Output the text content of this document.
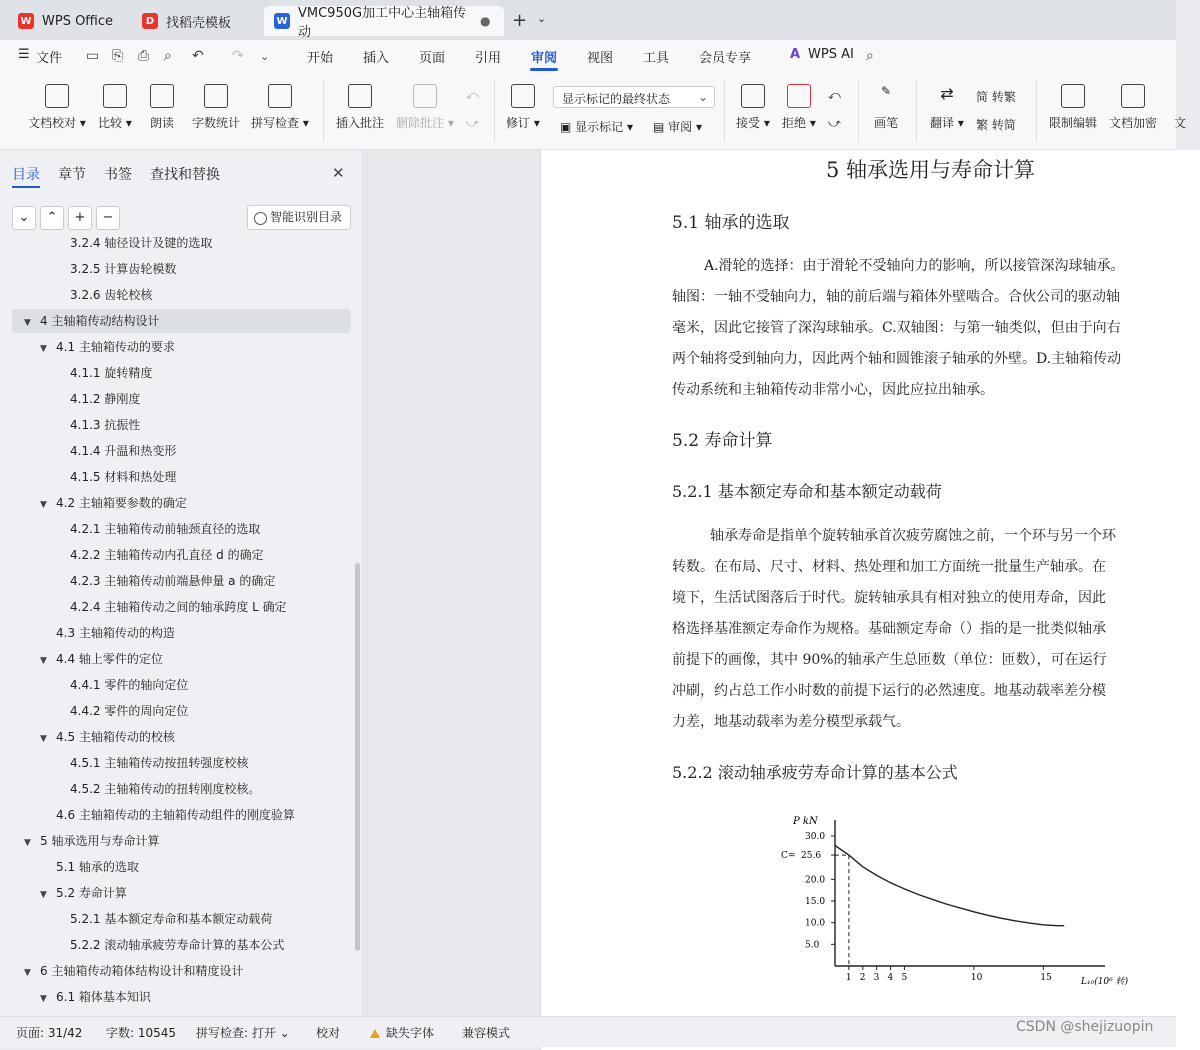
W WPS Office	D 找稻壳模板	W VMC950G加工中心主轴箱传动
● + ⌄
☰ 文件 ▭ ⎘ ⎙ ⌕ ↶ ↷ ⌄	开始 插入 页面 引用 审阅 视图 工具 会员专享	A WPS AI ⌕
文档校对 ▾ 比较 ▾ 朗读 字数统计 拼写检查 ▾ 插入批注 删除批注 ▾
⤺
⤻ 修订 ▾
显示标记的最终状态 ⌄
▣ 显示标记 ▾ ▤ 审阅 ▾	接受 ▾ 拒绝 ▾
⤺
⤻
✎
画笔
⇄
翻译 ▾
简 转繁
繁 转简	限制编辑 文档加密	文
目录 章节 书签 查找和替换	✕
⌄	⌃	+	−	智能识别目录
3.2.4 轴径设计及键的选取
3.2.5 计算齿轮模数
3.2.6 齿轮校核
▼ 4 主轴箱传动结构设计
▼ 4.1 主轴箱传动的要求
4.1.1 旋转精度
4.1.2 静刚度
4.1.3 抗振性
4.1.4 升温和热变形
4.1.5 材料和热处理
▼ 4.2 主轴箱要参数的确定
4.2.1 主轴箱传动前轴颈直径的选取
4.2.2 主轴箱传动内孔直径 d 的确定
4.2.3 主轴箱传动前端悬伸量 a 的确定
4.2.4 主轴箱传动之间的轴承跨度 L 确定
4.3 主轴箱传动的构造
▼ 4.4 轴上零件的定位
4.4.1 零件的轴向定位
4.4.2 零件的周向定位
▼ 4.5 主轴箱传动的校核
4.5.1 主轴箱传动按扭转强度校核
4.5.2 主轴箱传动的扭转刚度校核。
4.6 主轴箱传动的主轴箱传动组件的刚度验算
▼ 5 轴承选用与寿命计算
5.1 轴承的选取
▼ 5.2 寿命计算
5.2.1 基本额定寿命和基本额定动载荷
5.2.2 滚动轴承疲劳寿命计算的基本公式
▼ 6 主轴箱传动箱体结构设计和精度设计
▼ 6.1 箱体基本知识
5 轴承选用与寿命计算
5.1 轴承的选取
A.滑轮的选择：由于滑轮不受轴向力的影响，所以接管深沟球轴承。
轴图：一轴不受轴向力，轴的前后端与箱体外壁啮合。合伙公司的驱动轴
毫米，因此它接管了深沟球轴承。C.双轴图：与第一轴类似，但由于向右
两个轴将受到轴向力，因此两个轴和圆锥滚子轴承的外壁。D.主轴箱传动
传动系统和主轴箱传动非常小心，因此应拉出轴承。
5.2 寿命计算
5.2.1 基本额定寿命和基本额定动载荷
轴承寿命是指单个旋转轴承首次疲劳腐蚀之前，一个环与另一个环
转数。在布局、尺寸、材料、热处理和加工方面统一批量生产轴承。在
境下，生活试图落后于时代。旋转轴承具有相对独立的使用寿命，因此
格选择基准额定寿命作为规格。基础额定寿命（）指的是一批类似轴承
前提下的画像，其中 90%的轴承产生总匝数（单位：匝数），可在运行
冲刷，约占总工作小时数的前提下运行的必然速度。地基动载率差分模
力差，地基动载率为差分模型承载气。
5.2.2 滚动轴承疲劳寿命计算的基本公式
P kN
L₁₀(10⁶ 转)
30.0
25.6
20.0
15.0
10.0
5.0
C=
1 2 3 4 5	10	15
页面: 31/42 字数: 10545 拼写检查: 打开 ⌄ 校对	缺失字体 兼容模式	CSDN @shejizuopin
